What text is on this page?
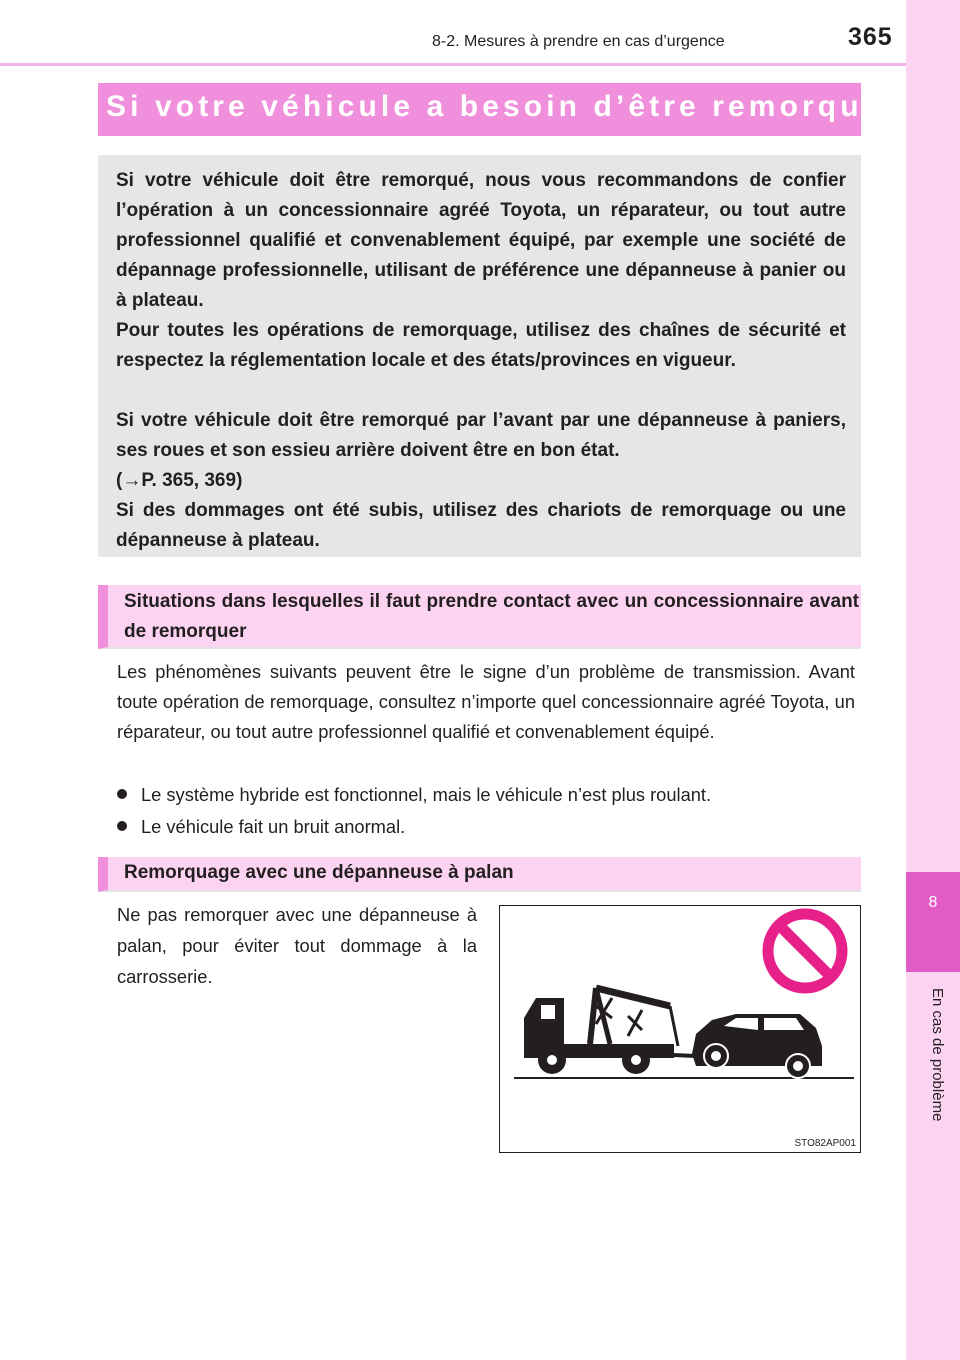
8-2. Mesures à prendre en cas d’urgence	365
8
En cas de problème
Si votre véhicule a besoin d’être remorqué

Si votre véhicule doit être remorqué, nous vous recommandons de confier l’opération à un concessionnaire agréé Toyota, un réparateur, ou tout autre professionnel qualifié et convenablement équipé, par exemple une société de dépannage professionnelle, utilisant de préférence une dépanneuse à panier ou à plateau.

Pour toutes les opérations de remorquage, utilisez des chaînes de sécurité et respectez la réglementation locale et des états/provinces en vigueur.

Si votre véhicule doit être remorqué par l’avant par une dépanneuse à paniers, ses roues et son essieu arrière doivent être en bon état.

(→P. 365, 369)

Si des dommages ont été subis, utilisez des chariots de remorquage ou une dépanneuse à plateau.

Situations dans lesquelles il faut prendre contact avec un concessionnaire avant de remorquer

Les phénomènes suivants peuvent être le signe d’un problème de transmission. Avant toute opération de remorquage, consultez n’importe quel concessionnaire agréé Toyota, un réparateur, ou tout autre professionnel qualifié et convenablement équipé.

Le système hybride est fonctionnel, mais le véhicule n’est plus roulant.

Le véhicule fait un bruit anormal.

Remorquage avec une dépanneuse à palan

Ne pas remorquer avec une dépanneuse à palan, pour éviter tout dommage à la carrosserie.

STO82AP001
